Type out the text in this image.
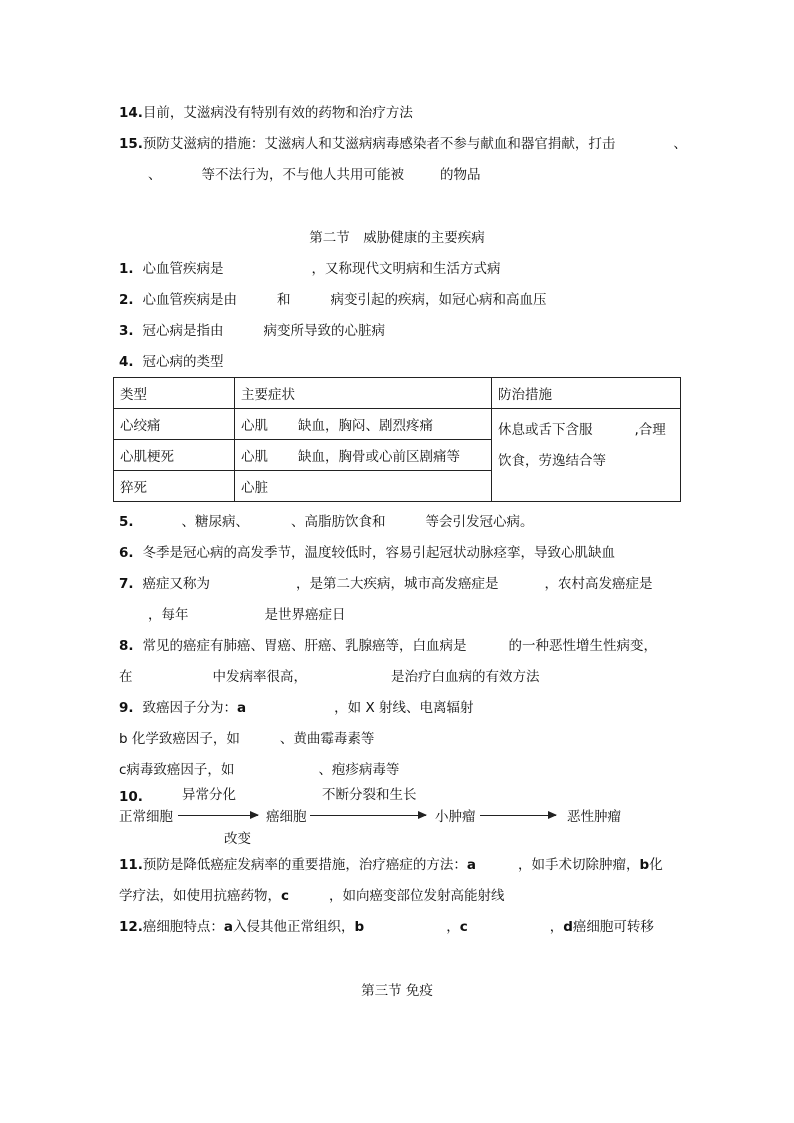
14.目前，艾滋病没有特别有效的药物和治疗方法
15.预防艾滋病的措施：艾滋病人和艾滋病病毒感染者不参与献血和器官捐献，打击	、
、	等不法行为，不与他人共用可能被	的物品
第二节　威胁健康的主要疾病
1. 心血管疾病是	，又称现代文明病和生活方式病
2. 心血管疾病是由	和	病变引起的疾病，如冠心病和高血压
3. 冠心病是指由	病变所导致的心脏病
4. 冠心病的类型
类型	主要症状	防治措施
心绞痛	心肌 缺血，胸闷、剧烈疼痛	休息或舌下含服 ,合理
饮食，劳逸结合等
心肌梗死	心肌 缺血，胸骨或心前区剧痛等	
猝死	心脏	
5.	、糖尿病、	、高脂肪饮食和	等会引发冠心病。
6. 冬季是冠心病的高发季节，温度较低时，容易引起冠状动脉痉挛，导致心肌缺血
7. 癌症又称为	，是第二大疾病，城市高发癌症是	，农村高发癌症是
，每年	是世界癌症日
8. 常见的癌症有肺癌、胃癌、肝癌、乳腺癌等，白血病是	的一种恶性增生性病变，
在	中发病率很高，	是治疗白血病的有效方法
9. 致癌因子分为：a	，如 X 射线、电离辐射
b 化学致癌因子，如	、黄曲霉毒素等
c病毒致癌因子，如	、疱疹病毒等
10.	异常分化	不断分裂和生长
正常细胞	癌细胞	小肿瘤	恶性肿瘤
改变
11.预防是降低癌症发病率的重要措施，治疗癌症的方法：a	，如手术切除肿瘤，b化
学疗法，如使用抗癌药物，c	，如向癌变部位发射高能射线
12.癌细胞特点：a入侵其他正常组织，b	，c	，d癌细胞可转移
第三节 免疫
